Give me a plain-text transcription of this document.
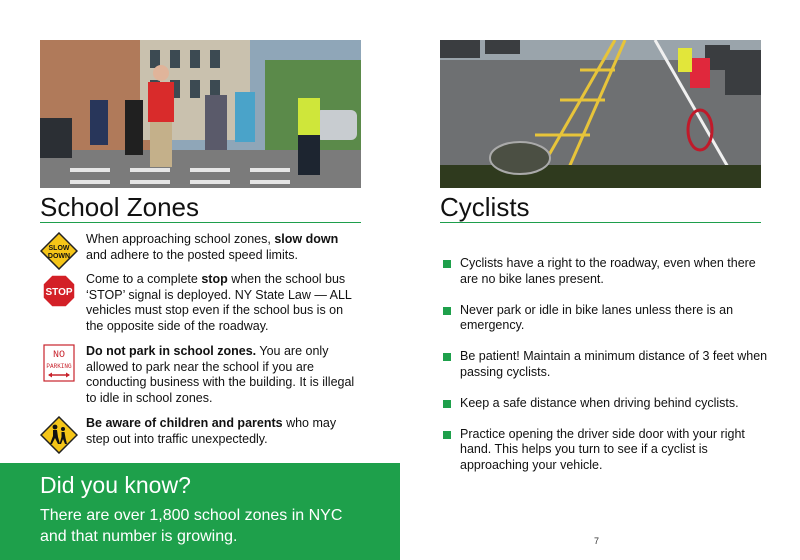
School Zones
SLOW
DOWN
When approaching school zones, slow down and adhere to the posted speed limits.
STOP
Come to a complete stop when the school bus ‘STOP’ signal is deployed. NY State Law — ALL vehicles must stop even if the school bus is on the opposite side of the roadway.
NO
PARKING
Do not park in school zones. You are only allowed to park near the school if you are conducting business with the building. It is illegal to idle in school zones.
Be aware of children and parents who may step out into traffic unexpectedly.
Did you know?
There are over 1,800 school zones in NYC and that number is growing.
Cyclists
Cyclists have a right to the roadway, even when there are no bike lanes present.
Never park or idle in bike lanes unless there is an emergency.
Be patient! Maintain a minimum distance of 3 feet when passing cyclists.
Keep a safe distance when driving behind cyclists.
Practice opening the driver side door with your right hand. This helps you turn to see if a cyclist is approaching your vehicle.
7
